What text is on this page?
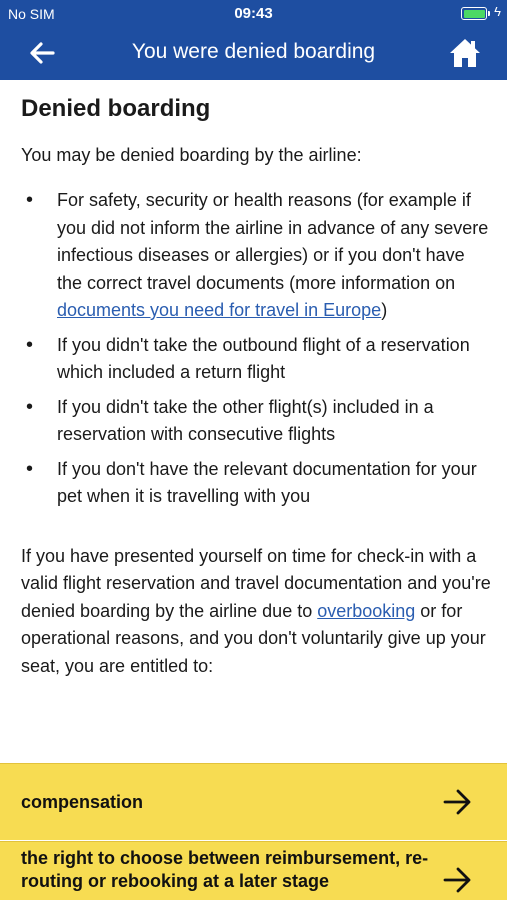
No SIM	09:43	ϟ
You were denied boarding
Denied boarding

You may be denied boarding by the airline:

• For safety, security or health reasons (for example if you did not inform the airline in advance of any severe infectious diseases or allergies) or if you don't have the correct travel documents (more information on documents you need for travel in Europe)
• If you didn't take the outbound flight of a reservation which included a return flight
• If you didn't take the other flight(s) included in a reservation with consecutive flights
• If you don't have the relevant documentation for your pet when it is travelling with you

If you have presented yourself on time for check-in with a valid flight reservation and travel documentation and you're denied boarding by the airline due to overbooking or for operational reasons, and you don't voluntarily give up your seat, you are entitled to:

compensation
the right to choose between reimbursement, re-routing or rebooking at a later stage
